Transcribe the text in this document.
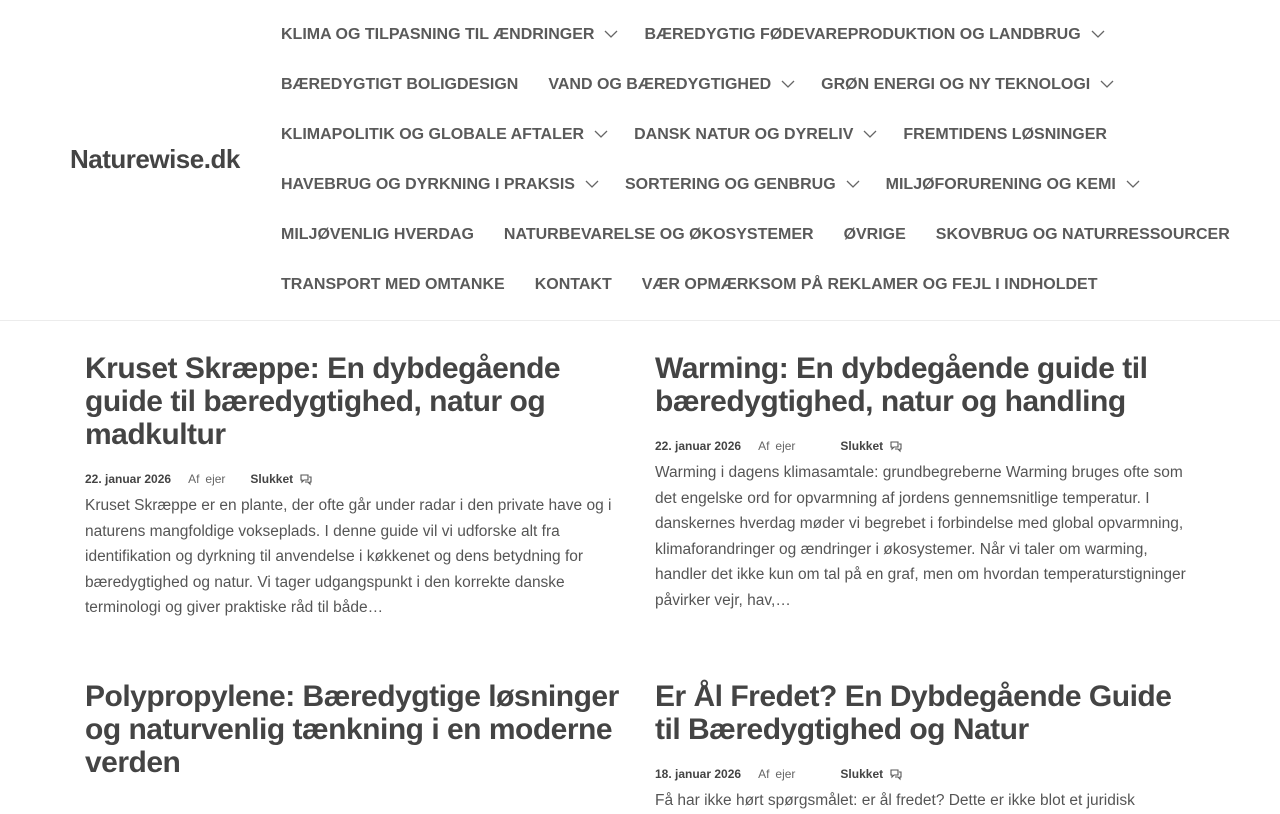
Naturewise.dk
KLIMA OG TILPASNING TIL ÆNDRINGER	BÆREDYGTIG FØDEVAREPRODUKTION OG LANDBRUG
BÆREDYGTIGT BOLIGDESIGN VAND OG BÆREDYGTIGHED	GRØN ENERGI OG NY TEKNOLOGI
KLIMAPOLITIK OG GLOBALE AFTALER	DANSK NATUR OG DYRELIV	FREMTIDENS LØSNINGER
HAVEBRUG OG DYRKNING I PRAKSIS	SORTERING OG GENBRUG	MILJØFORURENING OG KEMI
MILJØVENLIG HVERDAG NATURBEVARELSE OG ØKOSYSTEMER ØVRIGE SKOVBRUG OG NATURRESSOURCER
TRANSPORT MED OMTANKE KONTAKT VÆR OPMÆRKSOM PÅ REKLAMER OG FEJL I INDHOLDET
Kruset Skræppe: En dybdegående guide til bæredygtighed, natur og madkultur
22. januar 2026 Af ejer Slukket

Kruset Skræppe er en plante, der ofte går under radar i den private have og i naturens mangfoldige vokseplads. I denne guide vil vi udforske alt fra identifikation og dyrkning til anvendelse i køkkenet og dens betydning for bæredygtighed og natur. Vi tager udgangspunkt i den korrekte danske terminologi og giver praktiske råd til både…

Warming: En dybdegående guide til bæredygtighed, natur og handling
22. januar 2026 Af ejer	Slukket

Warming i dagens klimasamtale: grundbegreberne Warming bruges ofte som det engelske ord for opvarmning af jordens gennemsnitlige temperatur. I danskernes hverdag møder vi begrebet i forbindelse med global opvarmning, klimaforandringer og ændringer i økosystemer. Når vi taler om warming, handler det ikke kun om tal på en graf, men om hvordan temperaturstigninger påvirker vejr, hav,…

Polypropylene: Bæredygtige løsninger og naturvenlig tænkning i en moderne verden
Er Ål Fredet? En Dybdegående Guide til Bæredygtighed og Natur
18. januar 2026 Af ejer	Slukket

Få har ikke hørt spørgsmålet: er ål fredet? Dette er ikke blot et juridisk
